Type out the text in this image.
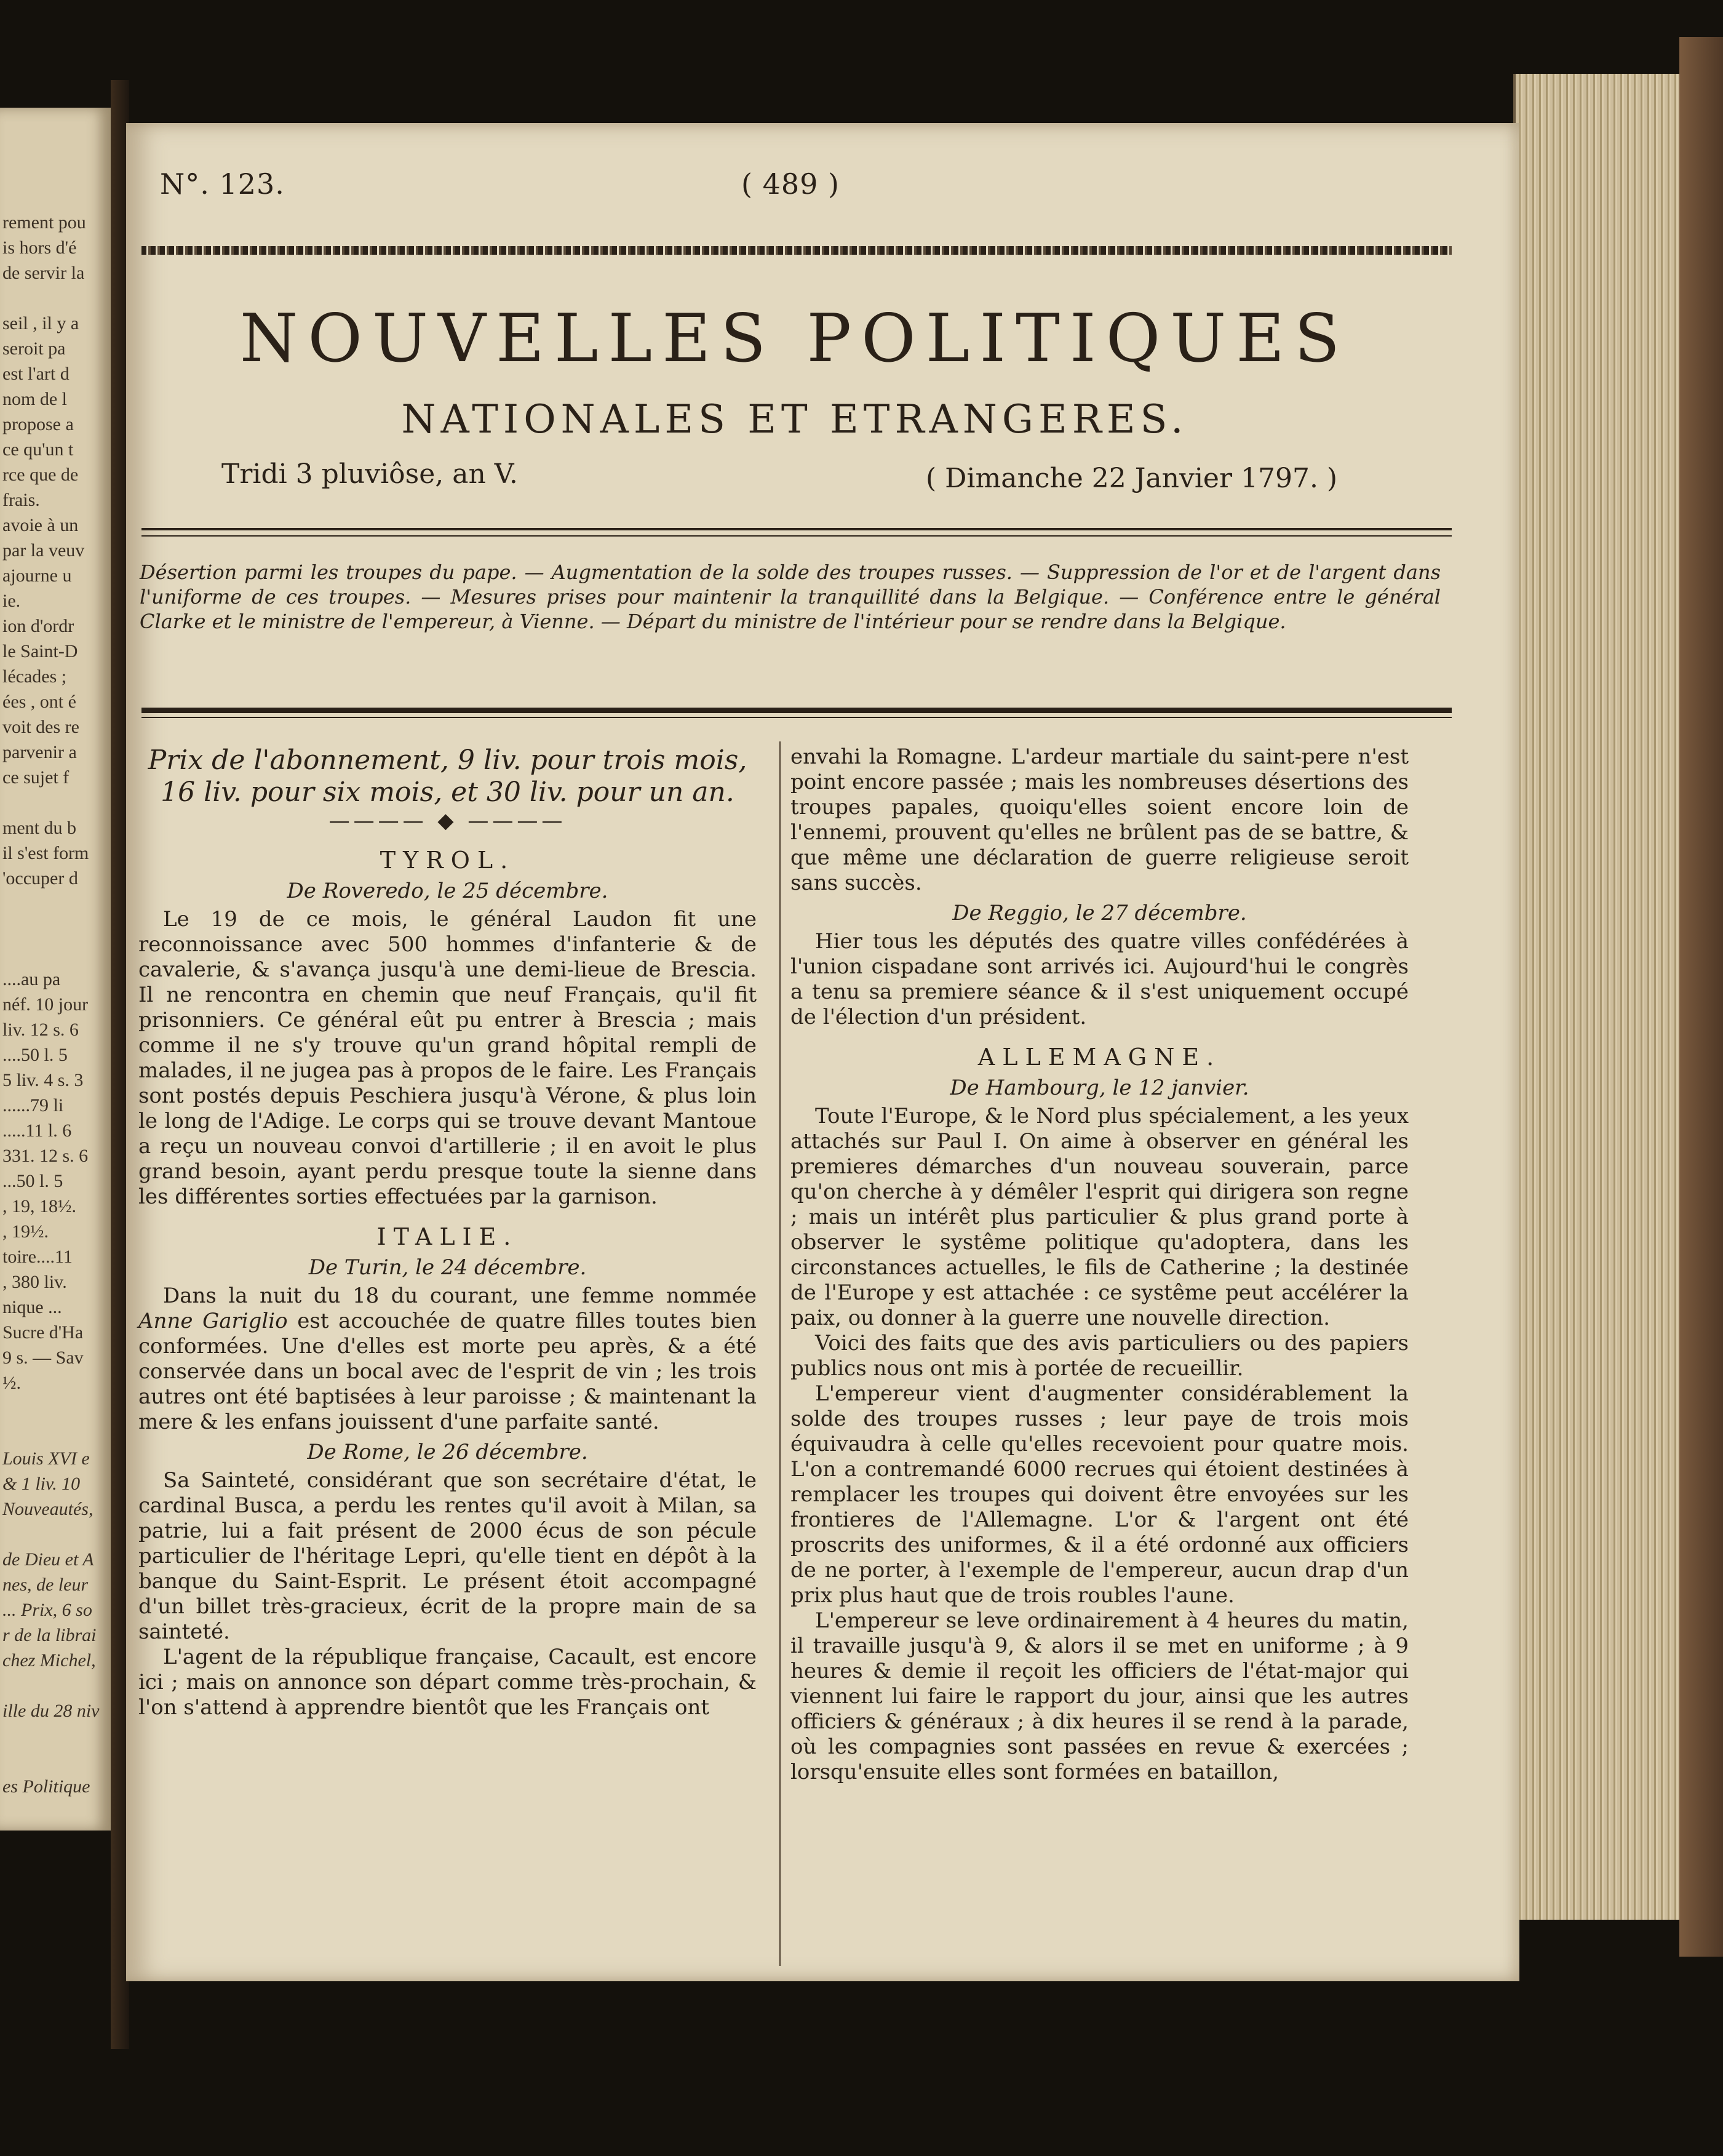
rement pou
is hors d'é
de servir la
seil , il y a
seroit pa
est l'art d
nom de l
propose a
ce qu'un t
rce que de
frais.
avoie à un
par la veuv
ajourne u
ie.
ion d'ordr
le Saint-D
lécades ;
ées , ont é
voit des re
parvenir a
ce sujet f
ment du b
il s'est form
'occuper d
....au pa
néf. 10 jour
liv. 12 s. 6
....50 l. 5
5 liv. 4 s. 3
......79 li
.....11 l. 6
331. 12 s. 6
...50 l. 5
, 19, 18½.
, 19½.
toire....11
, 380 liv.
nique ...
Sucre d'Ha
9 s. — Sav
½.
Louis XVI e
& 1 liv. 10
Nouveautés,
de Dieu et A
nes, de leur
... Prix, 6 so
r de la librai
chez Michel,
ille du 28 niv
es Politique
N°. 123.	( 489 )
NOUVELLES POLITIQUES
NATIONALES ET ETRANGERES.
Tridi 3 pluviôse, an V.	( Dimanche 22 Janvier 1797. )
Désertion parmi les troupes du pape. — Augmentation de la solde des troupes russes. — Suppression de l'or et de l'argent dans l'uniforme de ces troupes. — Mesures prises pour maintenir la tranquillité dans la Belgique. — Conférence entre le général Clarke et le ministre de l'empereur, à Vienne. — Départ du ministre de l'intérieur pour se rendre dans la Belgique.
Prix de l'abonnement, 9 liv. pour trois mois,
16 liv. pour six mois, et 30 liv. pour un an.
———— ◆ ————
TYROL.
De Roveredo, le 25 décembre.

Le 19 de ce mois, le général Laudon fit une reconnoissance avec 500 hommes d'infanterie & de cavalerie, & s'avança jusqu'à une demi-lieue de Brescia. Il ne rencontra en chemin que neuf Français, qu'il fit prisonniers. Ce général eût pu entrer à Brescia ; mais comme il ne s'y trouve qu'un grand hôpital rempli de malades, il ne jugea pas à propos de le faire. Les Français sont postés depuis Peschiera jusqu'à Vérone, & plus loin le long de l'Adige. Le corps qui se trouve devant Mantoue a reçu un nouveau convoi d'artillerie ; il en avoit le plus grand besoin, ayant perdu presque toute la sienne dans les différentes sorties effectuées par la garnison.

ITALIE.
De Turin, le 24 décembre.

Dans la nuit du 18 du courant, une femme nommée Anne Gariglio est accouchée de quatre filles toutes bien conformées. Une d'elles est morte peu après, & a été conservée dans un bocal avec de l'esprit de vin ; les trois autres ont été baptisées à leur paroisse ; & maintenant la mere & les enfans jouissent d'une parfaite santé.

De Rome, le 26 décembre.

Sa Sainteté, considérant que son secrétaire d'état, le cardinal Busca, a perdu les rentes qu'il avoit à Milan, sa patrie, lui a fait présent de 2000 écus de son pécule particulier de l'héritage Lepri, qu'elle tient en dépôt à la banque du Saint-Esprit. Le présent étoit accompagné d'un billet très-gracieux, écrit de la propre main de sa sainteté.

L'agent de la république française, Cacault, est encore ici ; mais on annonce son départ comme très-prochain, & l'on s'attend à apprendre bientôt que les Français ont

envahi la Romagne. L'ardeur martiale du saint-pere n'est point encore passée ; mais les nombreuses désertions des troupes papales, quoiqu'elles soient encore loin de l'ennemi, prouvent qu'elles ne brûlent pas de se battre, & que même une déclaration de guerre religieuse seroit sans succès.

De Reggio, le 27 décembre.

Hier tous les députés des quatre villes confédérées à l'union cispadane sont arrivés ici. Aujourd'hui le congrès a tenu sa premiere séance & il s'est uniquement occupé de l'élection d'un président.

ALLEMAGNE.
De Hambourg, le 12 janvier.

Toute l'Europe, & le Nord plus spécialement, a les yeux attachés sur Paul I. On aime à observer en général les premieres démarches d'un nouveau souverain, parce qu'on cherche à y démêler l'esprit qui dirigera son regne ; mais un intérêt plus particulier & plus grand porte à observer le systême politique qu'adoptera, dans les circonstances actuelles, le fils de Catherine ; la destinée de l'Europe y est attachée : ce systême peut accélérer la paix, ou donner à la guerre une nouvelle direction.

Voici des faits que des avis particuliers ou des papiers publics nous ont mis à portée de recueillir.

L'empereur vient d'augmenter considérablement la solde des troupes russes ; leur paye de trois mois équivaudra à celle qu'elles recevoient pour quatre mois. L'on a contremandé 6000 recrues qui étoient destinées à remplacer les troupes qui doivent être envoyées sur les frontieres de l'Allemagne. L'or & l'argent ont été proscrits des uniformes, & il a été ordonné aux officiers de ne porter, à l'exemple de l'empereur, aucun drap d'un prix plus haut que de trois roubles l'aune.

L'empereur se leve ordinairement à 4 heures du matin, il travaille jusqu'à 9, & alors il se met en uniforme ; à 9 heures & demie il reçoit les officiers de l'état-major qui viennent lui faire le rapport du jour, ainsi que les autres officiers & généraux ; à dix heures il se rend à la parade, où les compagnies sont passées en revue & exercées ; lorsqu'ensuite elles sont formées en bataillon,
